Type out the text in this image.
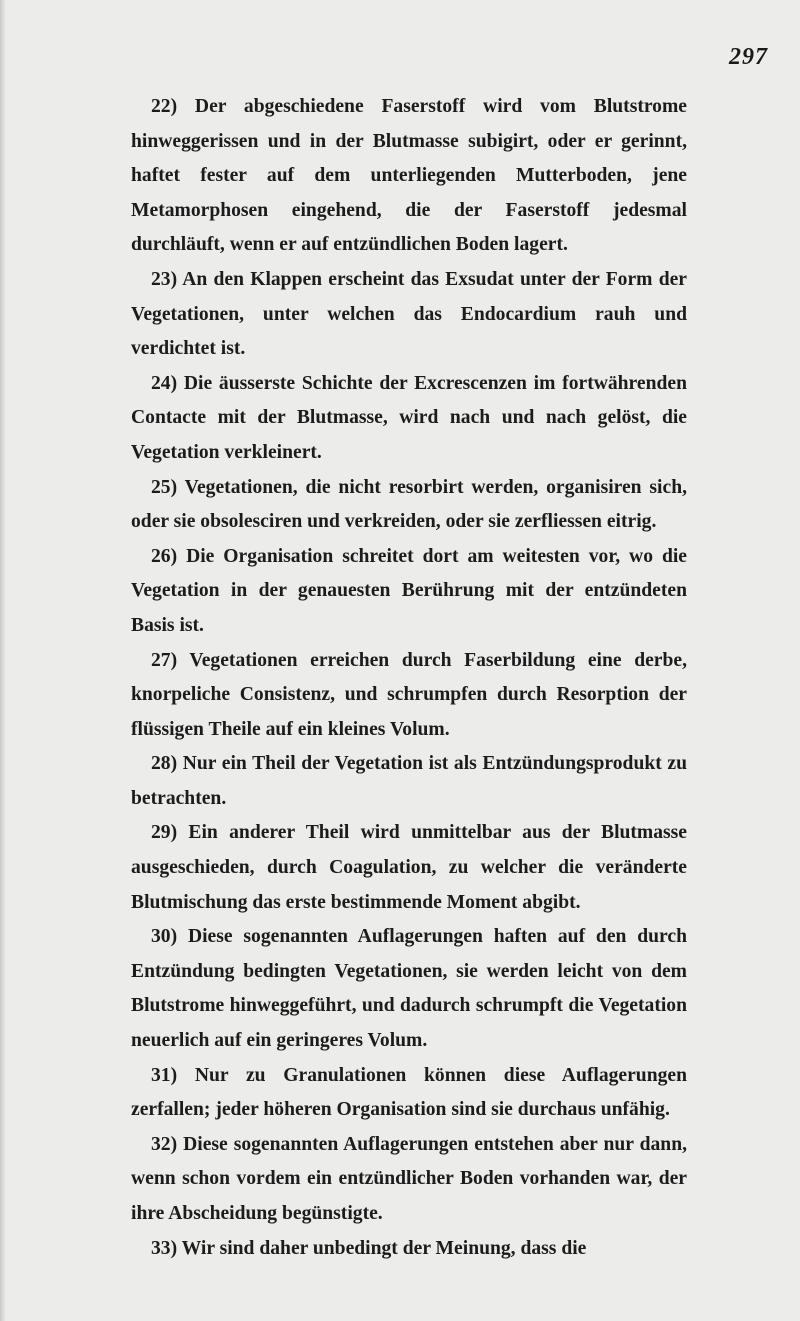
297

22) Der abgeschiedene Faserstoff wird vom Blutstrome hinweggerissen und in der Blutmasse subigirt, oder er gerinnt, haftet fester auf dem unterliegenden Mutterboden, jene Metamorphosen eingehend, die der Faserstoff jedesmal durchläuft, wenn er auf entzündlichen Boden lagert.

23) An den Klappen erscheint das Exsudat unter der Form der Vegetationen, unter welchen das Endocardium rauh und verdichtet ist.

24) Die äusserste Schichte der Excrescenzen im fortwährenden Contacte mit der Blutmasse, wird nach und nach gelöst, die Vegetation verkleinert.

25) Vegetationen, die nicht resorbirt werden, organisiren sich, oder sie obsolesciren und verkreiden, oder sie zerfliessen eitrig.

26) Die Organisation schreitet dort am weitesten vor, wo die Vegetation in der genauesten Berührung mit der entzündeten Basis ist.

27) Vegetationen erreichen durch Faserbildung eine derbe, knorpeliche Consistenz, und schrumpfen durch Resorption der flüssigen Theile auf ein kleines Volum.

28) Nur ein Theil der Vegetation ist als Entzündungsprodukt zu betrachten.

29) Ein anderer Theil wird unmittelbar aus der Blutmasse ausgeschieden, durch Coagulation, zu welcher die veränderte Blutmischung das erste bestimmende Moment abgibt.

30) Diese sogenannten Auflagerungen haften auf den durch Entzündung bedingten Vegetationen, sie werden leicht von dem Blutstrome hinweggeführt, und dadurch schrumpft die Vegetation neuerlich auf ein geringeres Volum.

31) Nur zu Granulationen können diese Auflagerungen zerfallen; jeder höheren Organisation sind sie durchaus unfähig.

32) Diese sogenannten Auflagerungen entstehen aber nur dann, wenn schon vordem ein entzündlicher Boden vorhanden war, der ihre Abscheidung begünstigte.

33) Wir sind daher unbedingt der Meinung, dass die
